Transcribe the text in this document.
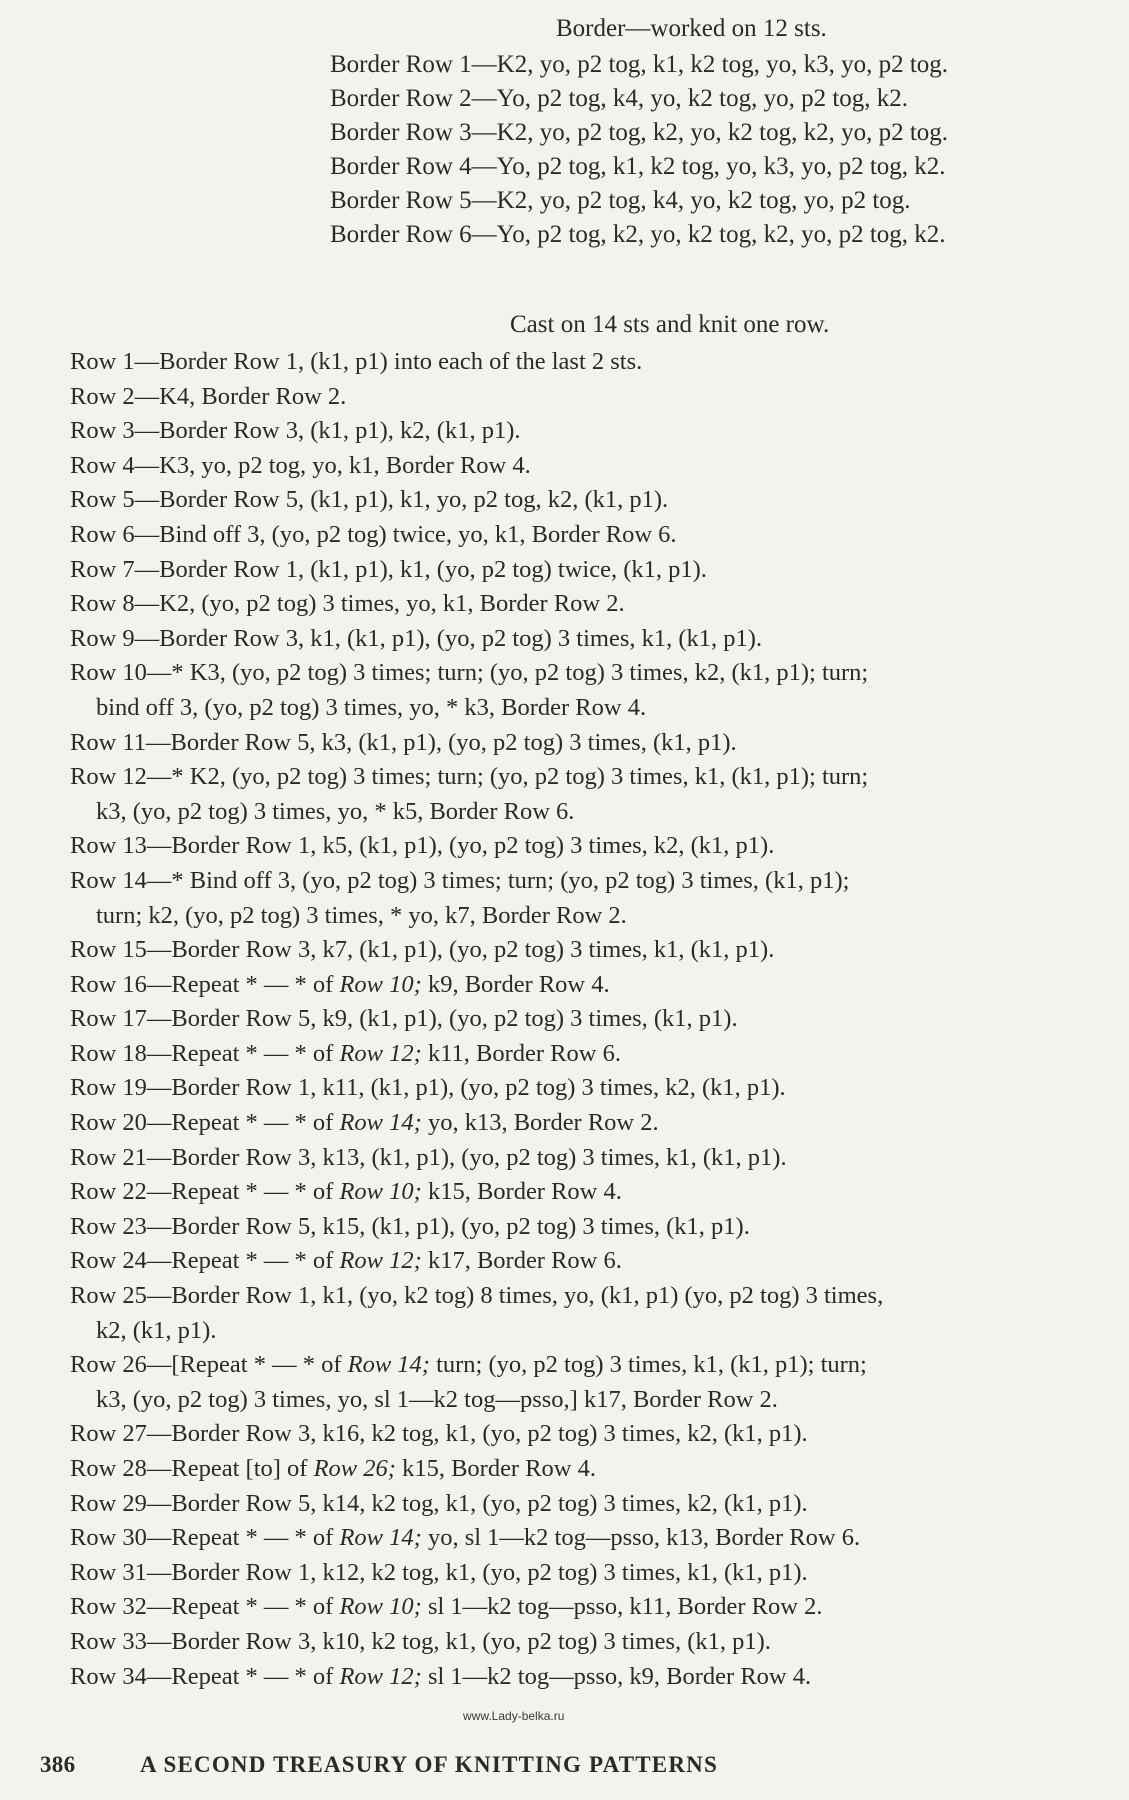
Border—worked on 12 sts.
Border Row 1—K2, yo, p2 tog, k1, k2 tog, yo, k3, yo, p2 tog.
Border Row 2—Yo, p2 tog, k4, yo, k2 tog, yo, p2 tog, k2.
Border Row 3—K2, yo, p2 tog, k2, yo, k2 tog, k2, yo, p2 tog.
Border Row 4—Yo, p2 tog, k1, k2 tog, yo, k3, yo, p2 tog, k2.
Border Row 5—K2, yo, p2 tog, k4, yo, k2 tog, yo, p2 tog.
Border Row 6—Yo, p2 tog, k2, yo, k2 tog, k2, yo, p2 tog, k2.
Cast on 14 sts and knit one row.
Row 1—Border Row 1, (k1, p1) into each of the last 2 sts.
Row 2—K4, Border Row 2.
Row 3—Border Row 3, (k1, p1), k2, (k1, p1).
Row 4—K3, yo, p2 tog, yo, k1, Border Row 4.
Row 5—Border Row 5, (k1, p1), k1, yo, p2 tog, k2, (k1, p1).
Row 6—Bind off 3, (yo, p2 tog) twice, yo, k1, Border Row 6.
Row 7—Border Row 1, (k1, p1), k1, (yo, p2 tog) twice, (k1, p1).
Row 8—K2, (yo, p2 tog) 3 times, yo, k1, Border Row 2.
Row 9—Border Row 3, k1, (k1, p1), (yo, p2 tog) 3 times, k1, (k1, p1).
Row 10—* K3, (yo, p2 tog) 3 times; turn; (yo, p2 tog) 3 times, k2, (k1, p1); turn;
bind off 3, (yo, p2 tog) 3 times, yo, * k3, Border Row 4.
Row 11—Border Row 5, k3, (k1, p1), (yo, p2 tog) 3 times, (k1, p1).
Row 12—* K2, (yo, p2 tog) 3 times; turn; (yo, p2 tog) 3 times, k1, (k1, p1); turn;
k3, (yo, p2 tog) 3 times, yo, * k5, Border Row 6.
Row 13—Border Row 1, k5, (k1, p1), (yo, p2 tog) 3 times, k2, (k1, p1).
Row 14—* Bind off 3, (yo, p2 tog) 3 times; turn; (yo, p2 tog) 3 times, (k1, p1);
turn; k2, (yo, p2 tog) 3 times, * yo, k7, Border Row 2.
Row 15—Border Row 3, k7, (k1, p1), (yo, p2 tog) 3 times, k1, (k1, p1).
Row 16—Repeat * — * of Row 10; k9, Border Row 4.
Row 17—Border Row 5, k9, (k1, p1), (yo, p2 tog) 3 times, (k1, p1).
Row 18—Repeat * — * of Row 12; k11, Border Row 6.
Row 19—Border Row 1, k11, (k1, p1), (yo, p2 tog) 3 times, k2, (k1, p1).
Row 20—Repeat * — * of Row 14; yo, k13, Border Row 2.
Row 21—Border Row 3, k13, (k1, p1), (yo, p2 tog) 3 times, k1, (k1, p1).
Row 22—Repeat * — * of Row 10; k15, Border Row 4.
Row 23—Border Row 5, k15, (k1, p1), (yo, p2 tog) 3 times, (k1, p1).
Row 24—Repeat * — * of Row 12; k17, Border Row 6.
Row 25—Border Row 1, k1, (yo, k2 tog) 8 times, yo, (k1, p1) (yo, p2 tog) 3 times,
k2, (k1, p1).
Row 26—[Repeat * — * of Row 14; turn; (yo, p2 tog) 3 times, k1, (k1, p1); turn;
k3, (yo, p2 tog) 3 times, yo, sl 1—k2 tog—psso,] k17, Border Row 2.
Row 27—Border Row 3, k16, k2 tog, k1, (yo, p2 tog) 3 times, k2, (k1, p1).
Row 28—Repeat [to] of Row 26; k15, Border Row 4.
Row 29—Border Row 5, k14, k2 tog, k1, (yo, p2 tog) 3 times, k2, (k1, p1).
Row 30—Repeat * — * of Row 14; yo, sl 1—k2 tog—psso, k13, Border Row 6.
Row 31—Border Row 1, k12, k2 tog, k1, (yo, p2 tog) 3 times, k1, (k1, p1).
Row 32—Repeat * — * of Row 10; sl 1—k2 tog—psso, k11, Border Row 2.
Row 33—Border Row 3, k10, k2 tog, k1, (yo, p2 tog) 3 times, (k1, p1).
Row 34—Repeat * — * of Row 12; sl 1—k2 tog—psso, k9, Border Row 4.
www.Lady-belka.ru
386	A SECOND TREASURY OF KNITTING PATTERNS
